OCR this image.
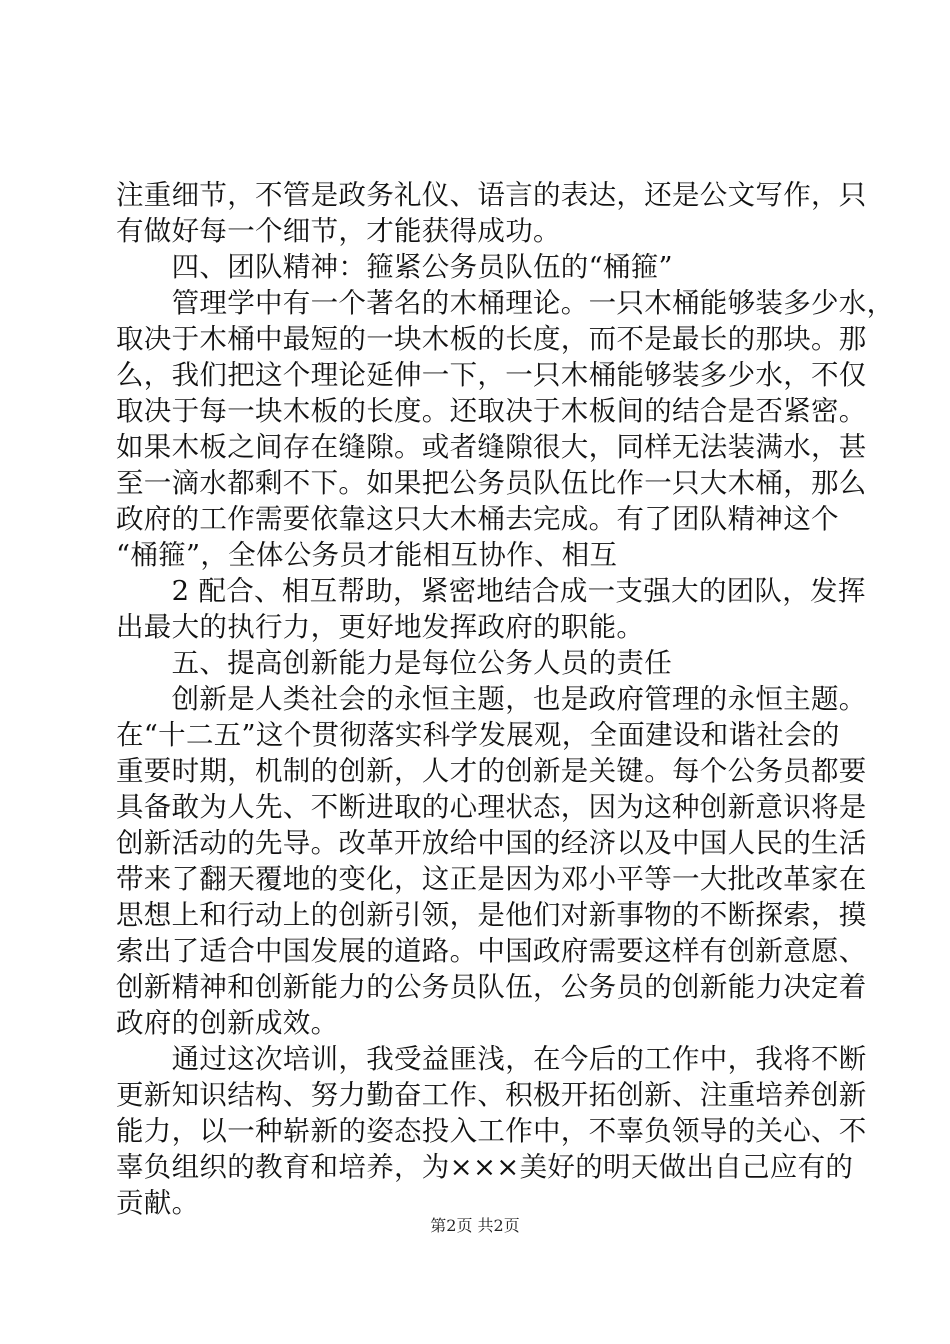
注重细节，不管是政务礼仪、语言的表达，还是公文写作，只
有做好每一个细节，才能获得成功。
　　四、团队精神：箍紧公务员队伍的“桶箍”
　　管理学中有一个著名的木桶理论。一只木桶能够装多少水，
取决于木桶中最短的一块木板的长度，而不是最长的那块。那
么，我们把这个理论延伸一下，一只木桶能够装多少水，不仅
取决于每一块木板的长度。还取决于木板间的结合是否紧密。
如果木板之间存在缝隙。或者缝隙很大，同样无法装满水，甚
至一滴水都剩不下。如果把公务员队伍比作一只大木桶，那么
政府的工作需要依靠这只大木桶去完成。有了团队精神这个
“桶箍”，全体公务员才能相互协作、相互
　　2 配合、相互帮助，紧密地结合成一支强大的团队，发挥
出最大的执行力，更好地发挥政府的职能。
　　五、提高创新能力是每位公务人员的责任
　　创新是人类社会的永恒主题，也是政府管理的永恒主题。
在“十二五”这个贯彻落实科学发展观，全面建设和谐社会的
重要时期，机制的创新，人才的创新是关键。每个公务员都要
具备敢为人先、不断进取的心理状态，因为这种创新意识将是
创新活动的先导。改革开放给中国的经济以及中国人民的生活
带来了翻天覆地的变化，这正是因为邓小平等一大批改革家在
思想上和行动上的创新引领，是他们对新事物的不断探索，摸
索出了适合中国发展的道路。中国政府需要这样有创新意愿、
创新精神和创新能力的公务员队伍，公务员的创新能力决定着
政府的创新成效。
　　通过这次培训，我受益匪浅，在今后的工作中，我将不断
更新知识结构、努力勤奋工作、积极开拓创新、注重培养创新
能力，以一种崭新的姿态投入工作中，不辜负领导的关心、不
辜负组织的教育和培养，为×××美好的明天做出自己应有的
贡献。
第2页 共2页
